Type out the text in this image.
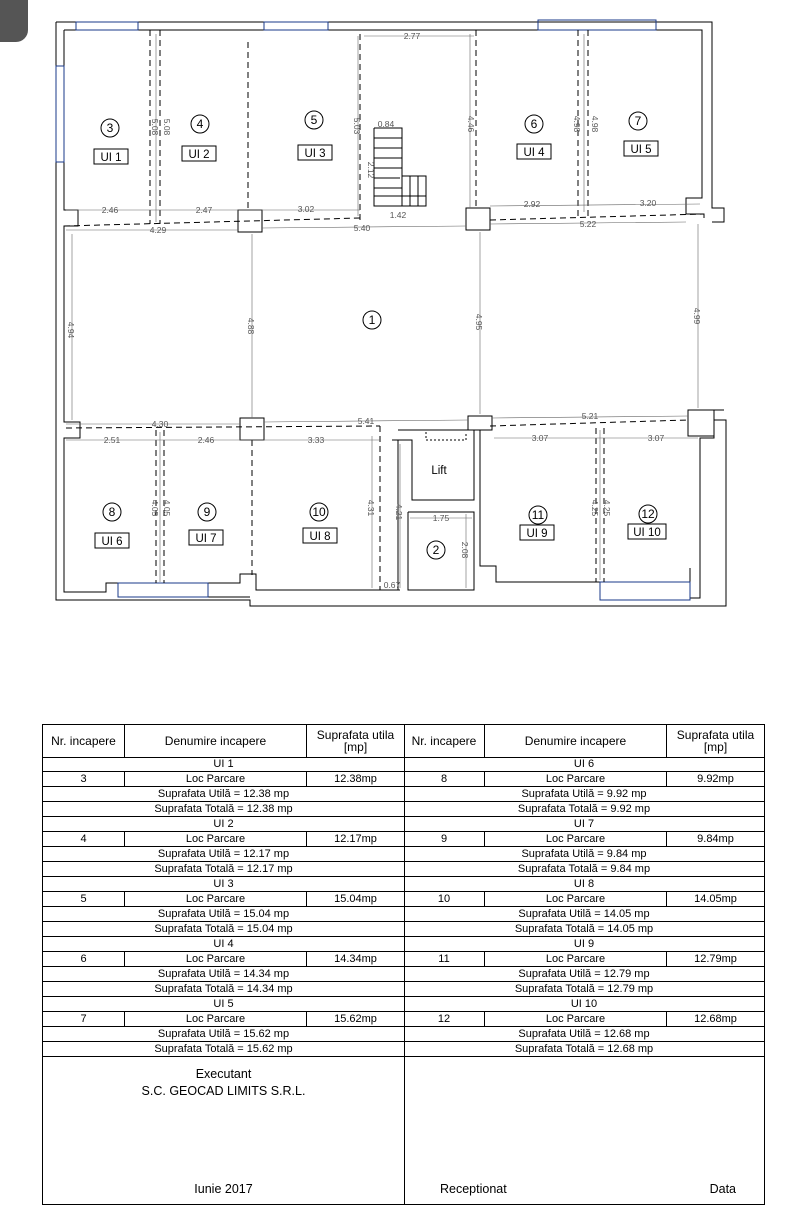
2.77
5.08 5.08	5.03 0.84
2.12
1.42
4.46	4.98 4.98
2.46	2.47	3.02
4.29	5.40
2.92	3.20
5.22
4.94	4.88	4.95	4.99
4.30	5.41	5.21
2.51	2.46	3.33	3.07	3.07
4.05 4.05	4.31 4.21	1.75
2.08
0.67
4.25 4.25
3	4	5	6	7
1
8	9	10	11	12
2
UI 1	UI 2	UI 3	UI 4	UI 5
UI 6	UI 7	UI 8	UI 9	UI 10
Lift
Nr. incapere	Denumire incapere	Suprafata utila
[mp]
UI 1
3	Loc Parcare	12.38mp
Suprafata Utilă = 12.38 mp
Suprafata Totală = 12.38 mp
UI 2
4	Loc Parcare	12.17mp
Suprafata Utilă = 12.17 mp
Suprafata Totală = 12.17 mp
UI 3
5	Loc Parcare	15.04mp
Suprafata Utilă = 15.04 mp
Suprafata Totală = 15.04 mp
UI 4
6	Loc Parcare	14.34mp
Suprafata Utilă = 14.34 mp
Suprafata Totală = 14.34 mp
UI 5
7	Loc Parcare	15.62mp
Suprafata Utilă = 15.62 mp
Suprafata Totală = 15.62 mp
Executant
S.C. GEOCAD LIMITS S.R.L.
Iunie 2017
Nr. incapere	Denumire incapere	Suprafata utila
[mp]
UI 6
8	Loc Parcare	9.92mp
Suprafata Utilă = 9.92 mp
Suprafata Totală = 9.92 mp
UI 7
9	Loc Parcare	9.84mp
Suprafata Utilă = 9.84 mp
Suprafata Totală = 9.84 mp
UI 8
10	Loc Parcare	14.05mp
Suprafata Utilă = 14.05 mp
Suprafata Totală = 14.05 mp
UI 9
11	Loc Parcare	12.79mp
Suprafata Utilă = 12.79 mp
Suprafata Totală = 12.79 mp
UI 10
12	Loc Parcare	12.68mp
Suprafata Utilă = 12.68 mp
Suprafata Totală = 12.68 mp
Receptionat	Data
